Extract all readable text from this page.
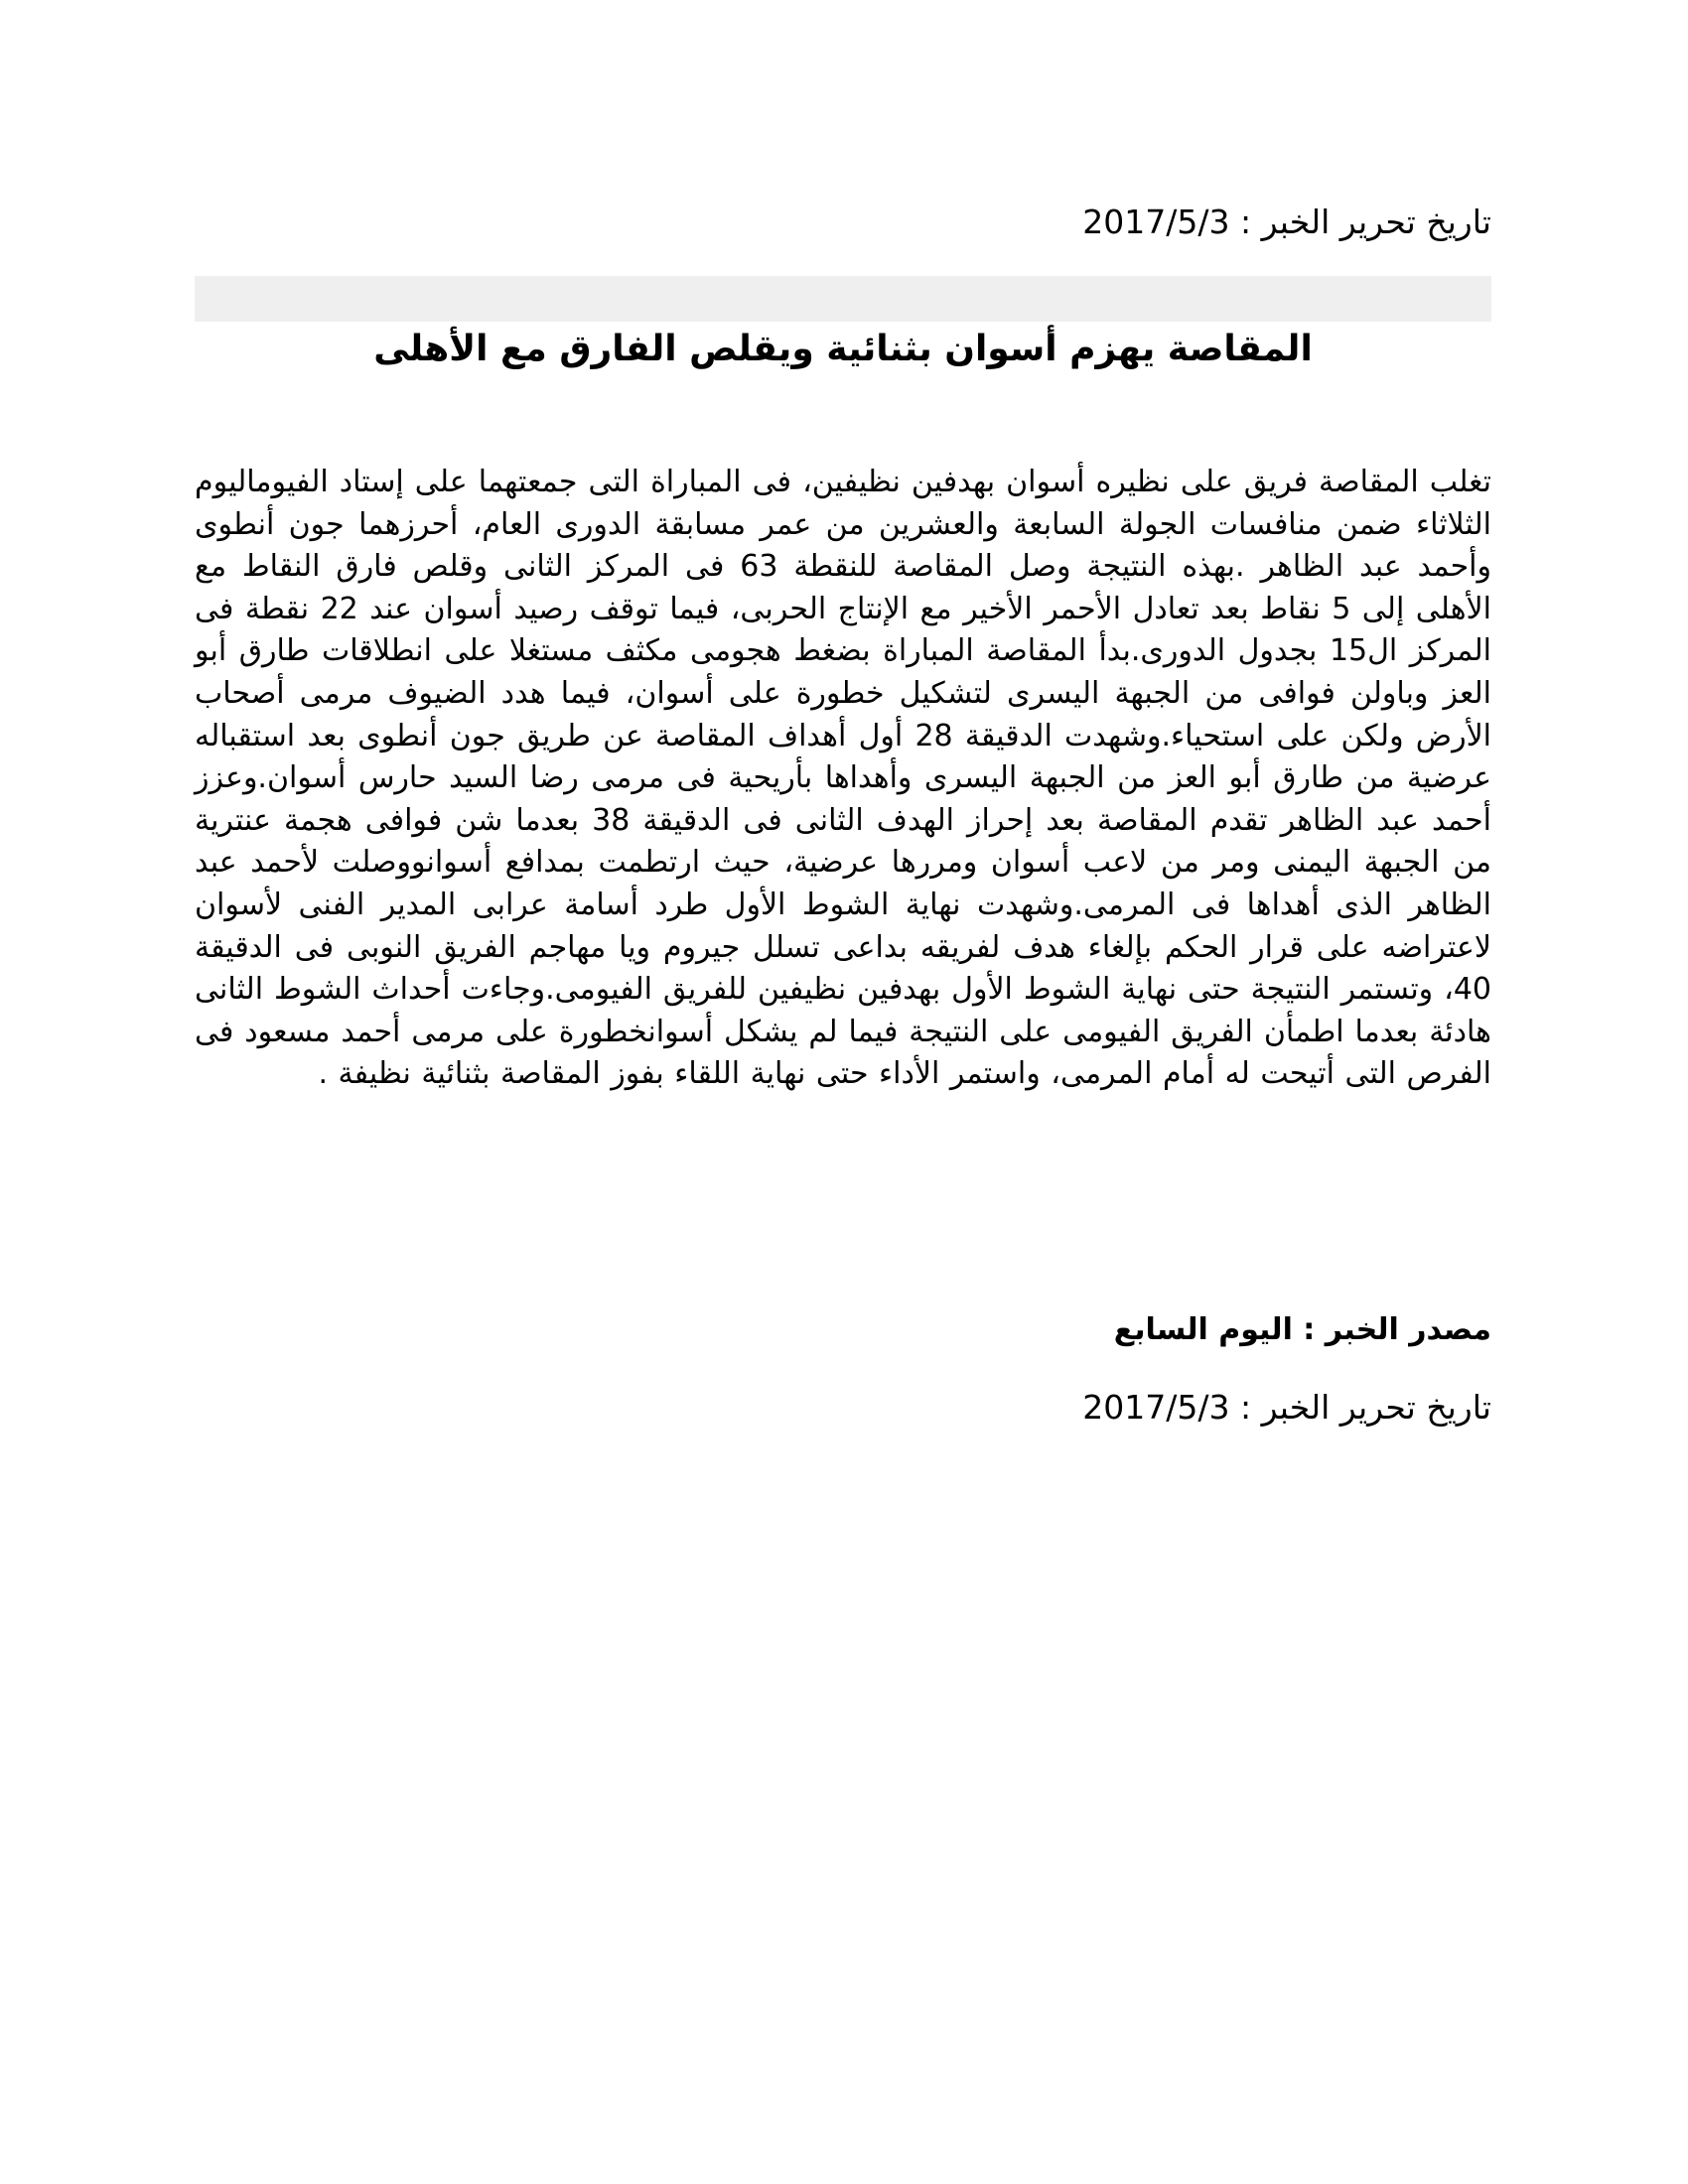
تاريخ تحرير الخبر : 2017/5/3
المقاصة يهزم أسوان بثنائية ويقلص الفارق مع الأهلى
تغلب المقاصة فريق على نظيره أسوان بهدفين نظيفين، فى المباراة التى جمعتهما على إستاد الفيوماليوم الثلاثاء ضمن منافسات الجولة السابعة والعشرين من عمر مسابقة الدورى العام، أحرزهما جون أنطوى وأحمد عبد الظاهر .بهذه النتيجة وصل المقاصة للنقطة 63 فى المركز الثانى وقلص فارق النقاط مع الأهلى إلى 5 نقاط بعد تعادل الأحمر الأخير مع الإنتاج الحربى، فيما توقف رصيد أسوان عند 22 نقطة فى المركز ال15 بجدول الدورى.بدأ المقاصة المباراة بضغط هجومى مكثف مستغلا على انطلاقات طارق أبو العز وباولن فوافى من الجبهة اليسرى لتشكيل خطورة على أسوان، فيما هدد الضيوف مرمى أصحاب الأرض ولكن على استحياء.وشهدت الدقيقة 28 أول أهداف المقاصة عن طريق جون أنطوى بعد استقباله عرضية من طارق أبو العز من الجبهة اليسرى وأهداها بأريحية فى مرمى رضا السيد حارس أسوان.وعزز أحمد عبد الظاهر تقدم المقاصة بعد إحراز الهدف الثانى فى الدقيقة 38 بعدما شن فوافى هجمة عنترية من الجبهة اليمنى ومر من لاعب أسوان ومررها عرضية، حيث ارتطمت بمدافع أسوانووصلت لأحمد عبد الظاهر الذى أهداها فى المرمى.وشهدت نهاية الشوط الأول طرد أسامة عرابى المدير الفنى لأسوان لاعتراضه على قرار الحكم بإلغاء هدف لفريقه بداعى تسلل جيروم ويا مهاجم الفريق النوبى فى الدقيقة 40، وتستمر النتيجة حتى نهاية الشوط الأول بهدفين نظيفين للفريق الفيومى.وجاءت أحداث الشوط الثانى هادئة بعدما اطمأن الفريق الفيومى على النتيجة فيما لم يشكل أسوانخطورة على مرمى أحمد مسعود فى الفرص التى أتيحت له أمام المرمى، واستمر الأداء حتى نهاية اللقاء بفوز المقاصة بثنائية نظيفة .
مصدر الخبر : اليوم السابع
تاريخ تحرير الخبر : 2017/5/3
